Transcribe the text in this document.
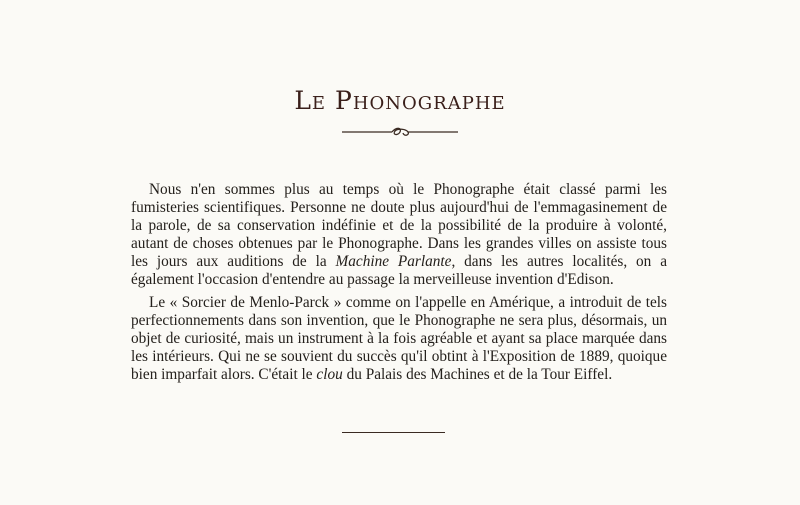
Le Phonographe

Nous n'en sommes plus au temps où le Phonographe était classé parmi les fumisteries scientifiques. Personne ne doute plus aujourd'hui de l'emmagasinement de la parole, de sa conservation indéfinie et de la possibilité de la produire à volonté, autant de choses obtenues par le Phonographe. Dans les grandes villes on assiste tous les jours aux auditions de la Machine Parlante, dans les autres localités, on a également l'occasion d'entendre au passage la merveilleuse invention d'Edison.

Le « Sorcier de Menlo-Parck » comme on l'appelle en Amérique, a introduit de tels perfectionnements dans son invention, que le Phonographe ne sera plus, désormais, un objet de curiosité, mais un instrument à la fois agréable et ayant sa place marquée dans les intérieurs. Qui ne se souvient du succès qu'il obtint à l'Exposition de 1889, quoique bien imparfait alors. C'était le clou du Palais des Machines et de la Tour Eiffel.
